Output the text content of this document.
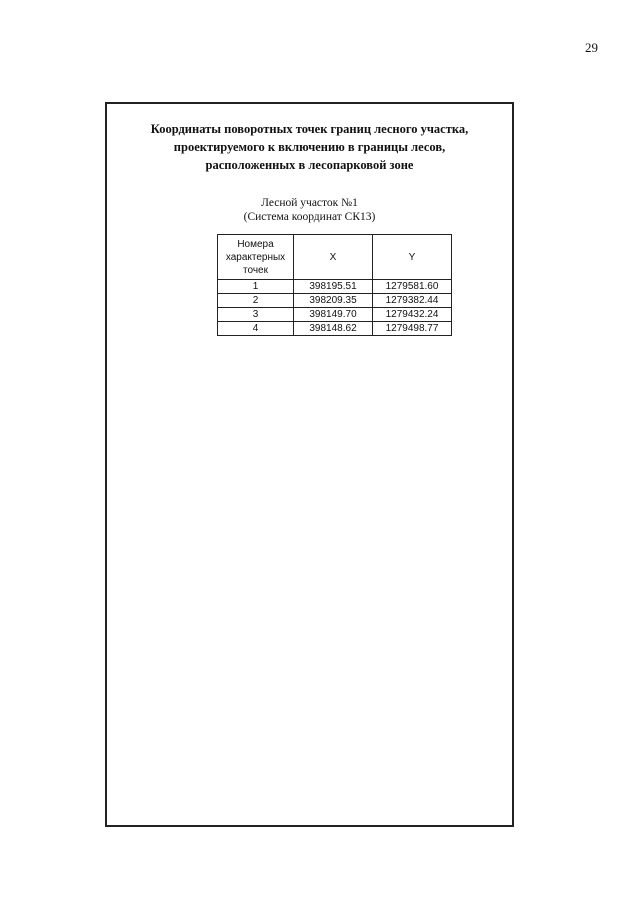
29
Координаты поворотных точек границ лесного участка,
проектируемого к включению в границы лесов,
расположенных в лесопарковой зоне
Лесной участок №1
(Система координат СК13)
Номера характерных точек	X	Y
1	398195.51	1279581.60
2	398209.35	1279382.44
3	398149.70	1279432.24
4	398148.62	1279498.77
